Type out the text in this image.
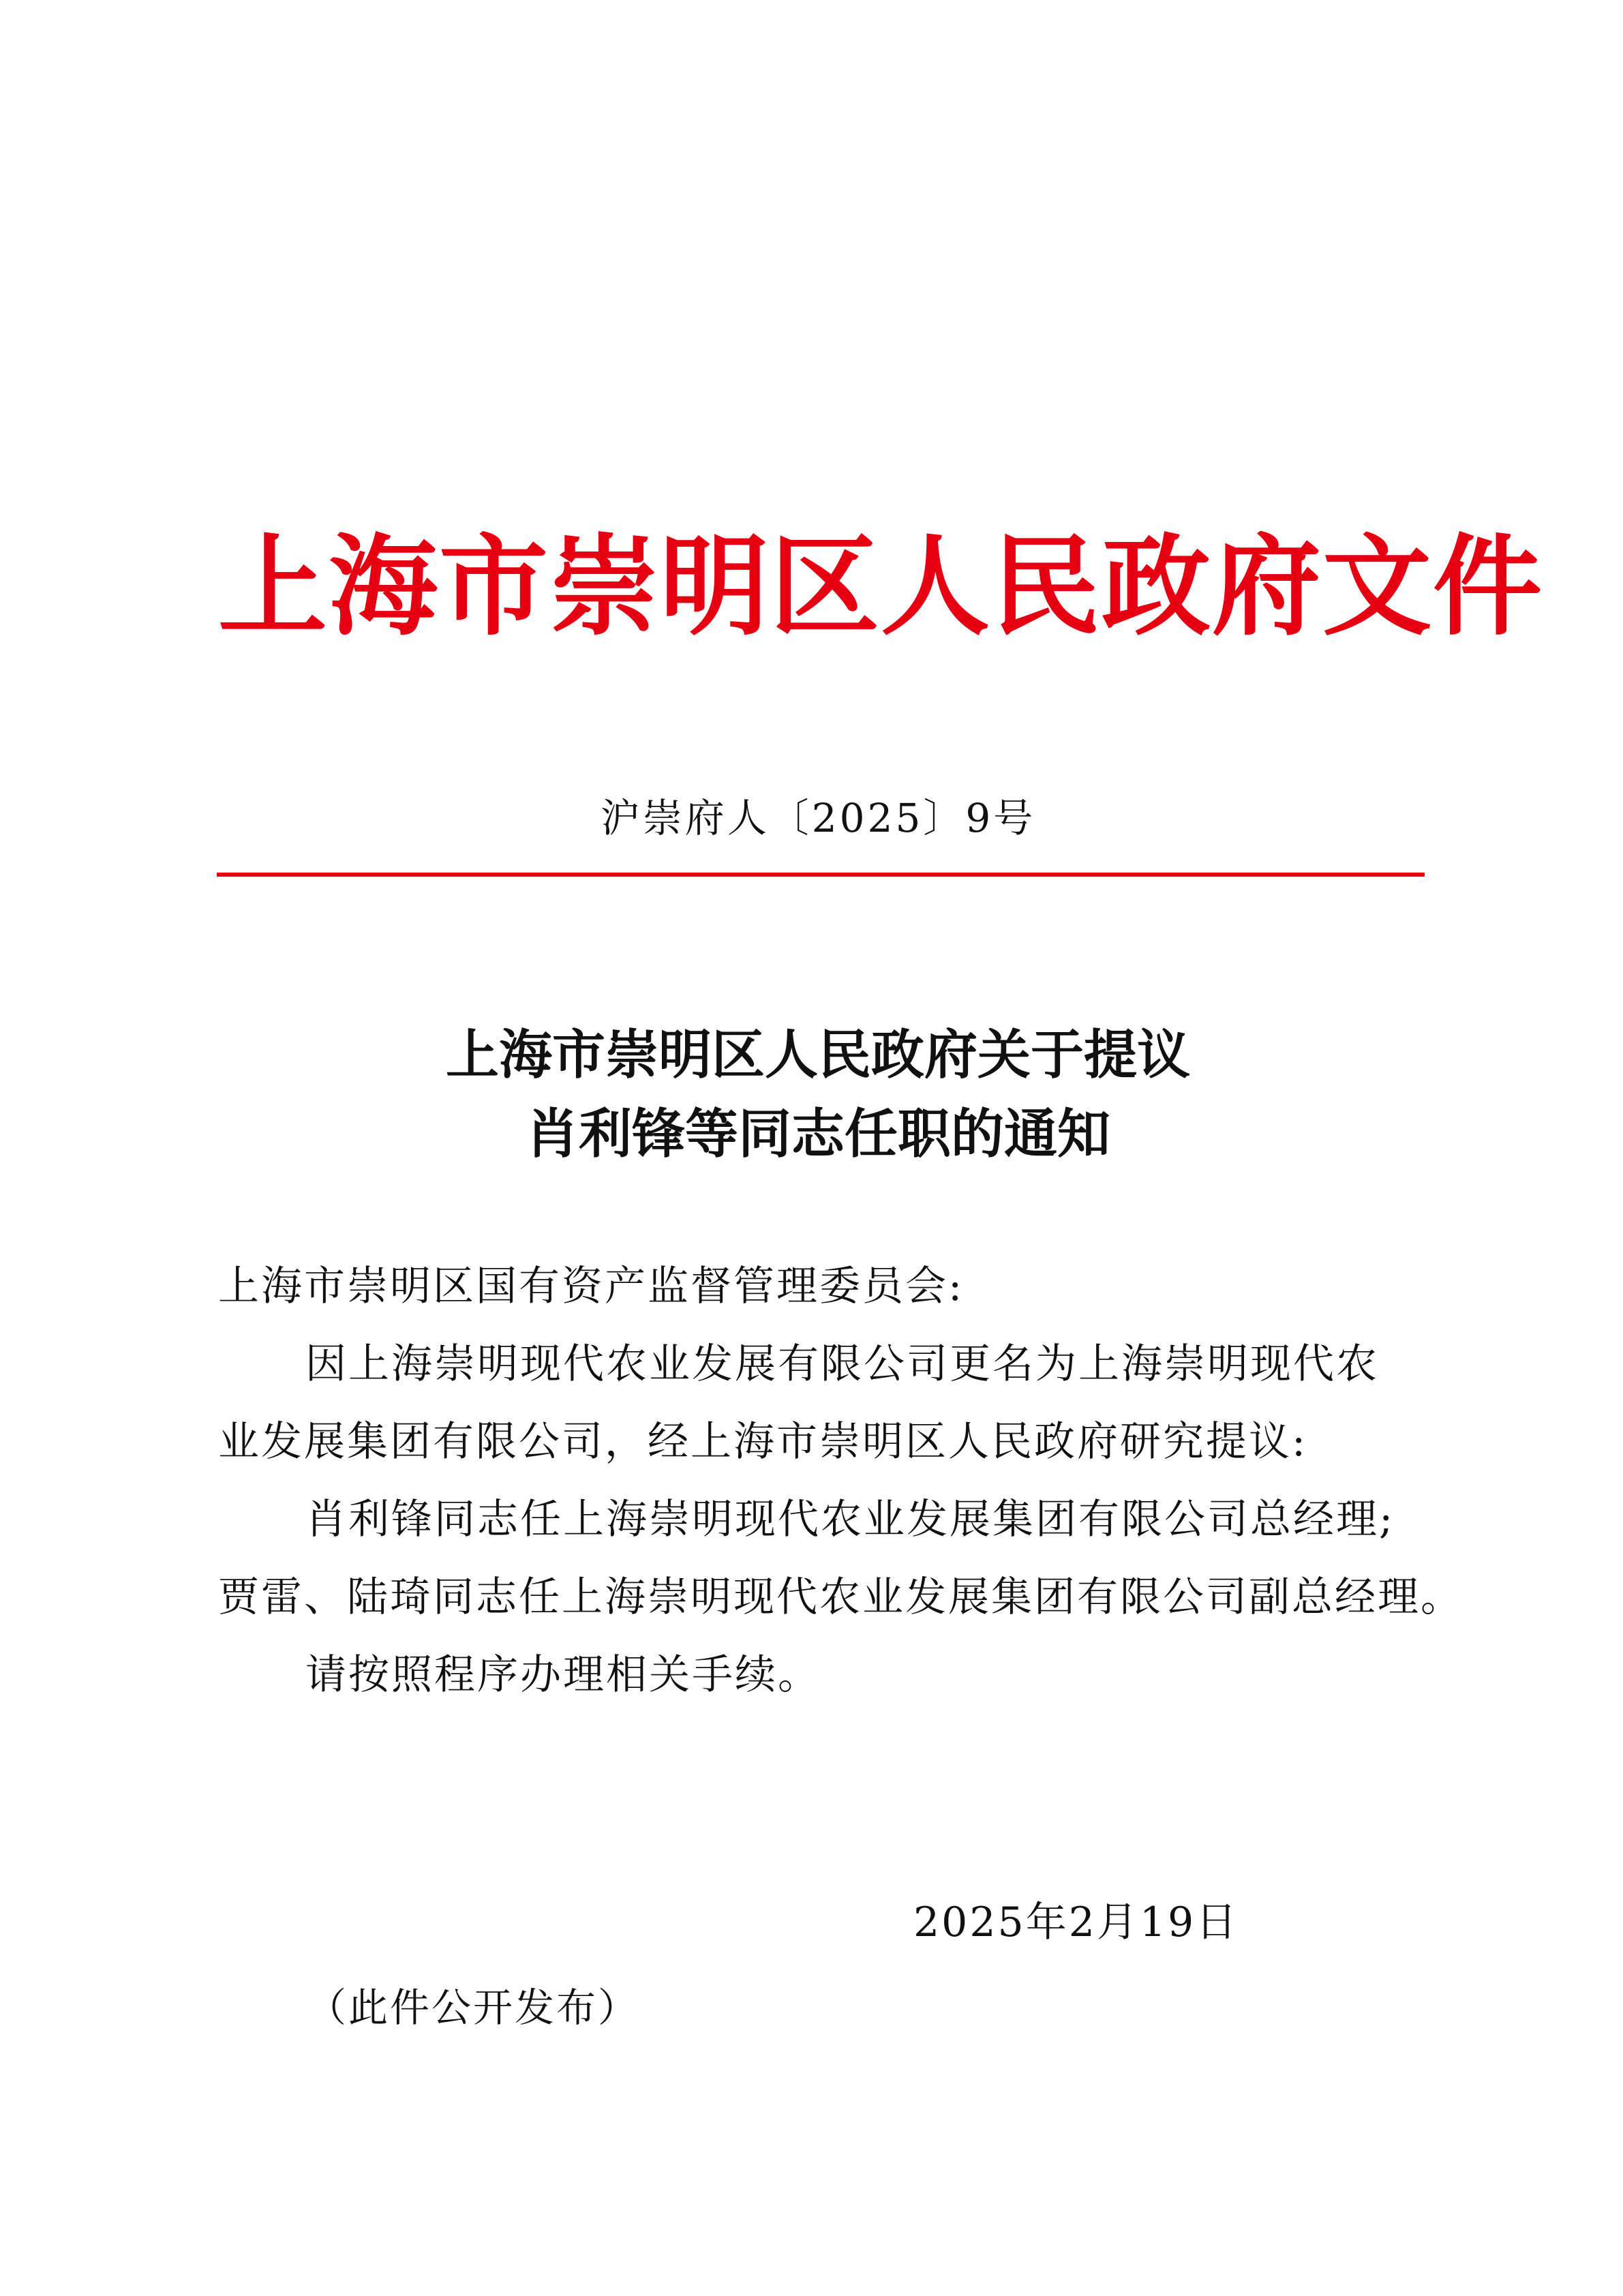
上海市崇明区人民政府文件
沪崇府人〔2025〕9号
上海市崇明区人民政府关于提议
肖利锋等同志任职的通知

上海市崇明区国有资产监督管理委员会:

因上海崇明现代农业发展有限公司更名为上海崇明现代农

业发展集团有限公司，经上海市崇明区人民政府研究提议:

肖利锋同志任上海崇明现代农业发展集团有限公司总经理;

贾雷、陆琦同志任上海崇明现代农业发展集团有限公司副总经理。

请按照程序办理相关手续。

2025年2月19日
（此件公开发布）
